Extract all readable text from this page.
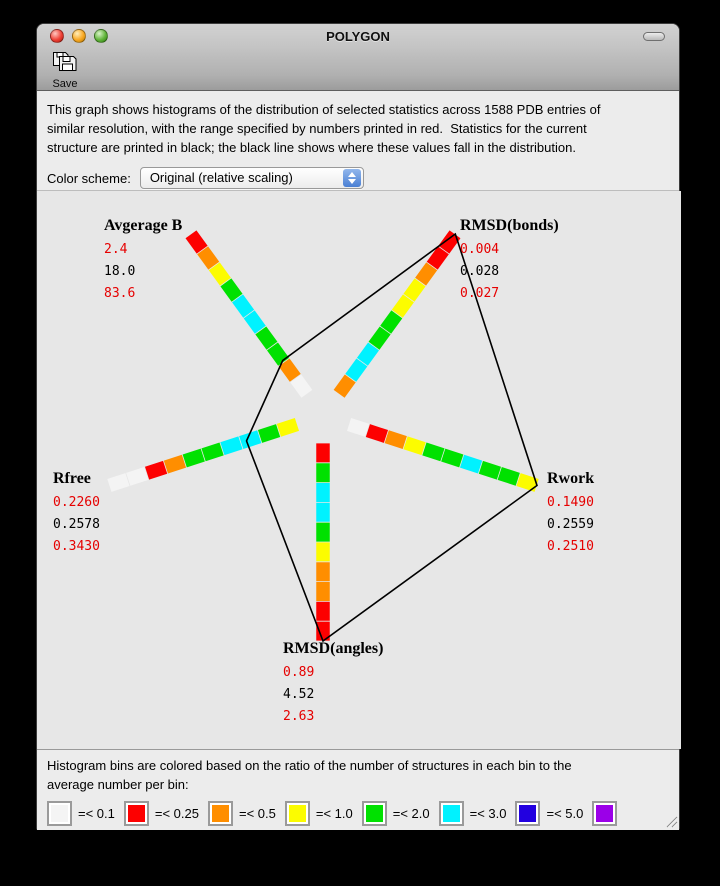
POLYGON
Save
This graph shows histograms of the distribution of selected statistics across 1588 PDB entries of
similar resolution, with the range specified by numbers printed in red.  Statistics for the current
structure are printed in black; the black line shows where these values fall in the distribution.
Color scheme:	Original (relative scaling)
Avgerage B
2.4
18.0
83.6
RMSD(bonds)
0.004
0.028
0.027
Rwork
0.1490
0.2559
0.2510
RMSD(angles)
0.89
4.52
2.63
Rfree
0.2260
0.2578
0.3430
Histogram bins are colored based on the ratio of the number of structures in each bin to the
average number per bin:
=< 0.1	=< 0.25	=< 0.5	=< 1.0	=< 2.0	=< 3.0	=< 5.0
